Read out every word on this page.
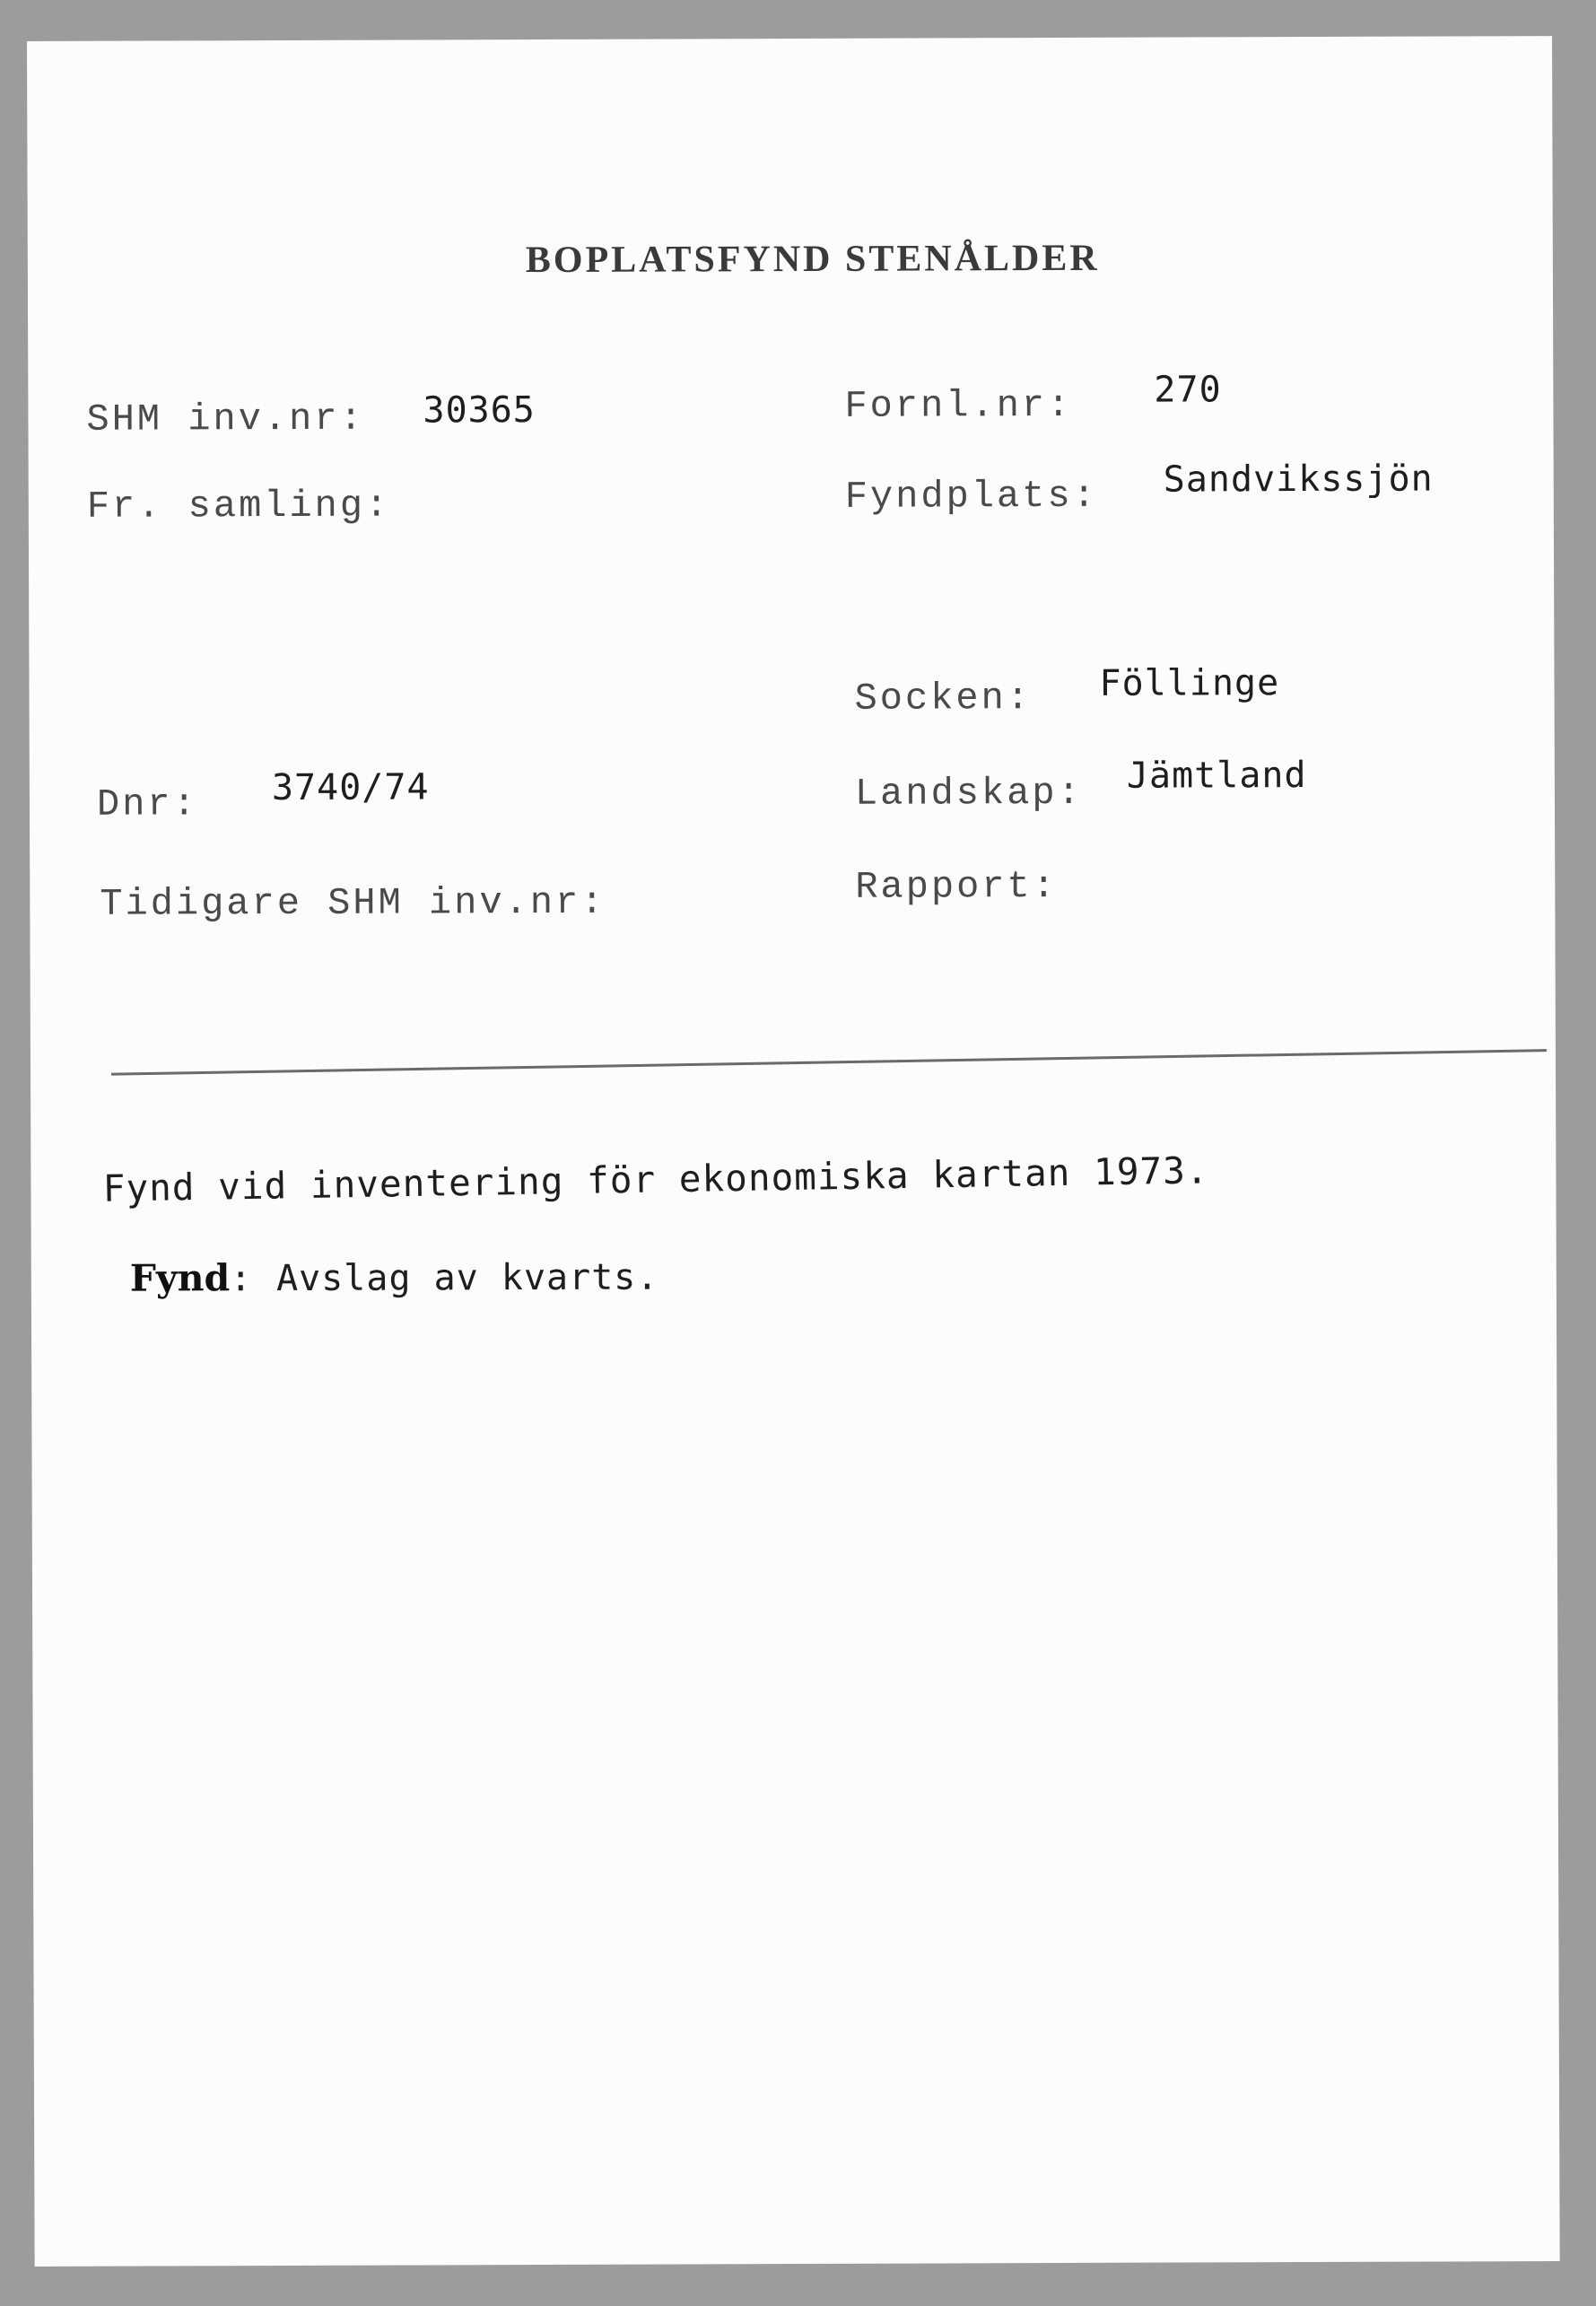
BOPLATSFYND STENÅLDER
SHM inv.nr: 30365
Fr. samling:
Dnr: 3740/74
Tidigare SHM inv.nr:
Fornl.nr: 270
Fyndplats: Sandvikssjön
Socken: Föllinge
Landskap: Jämtland
Rapport:
Fynd vid inventering för ekonomiska kartan 1973.
Fynd: Avslag av kvarts.
